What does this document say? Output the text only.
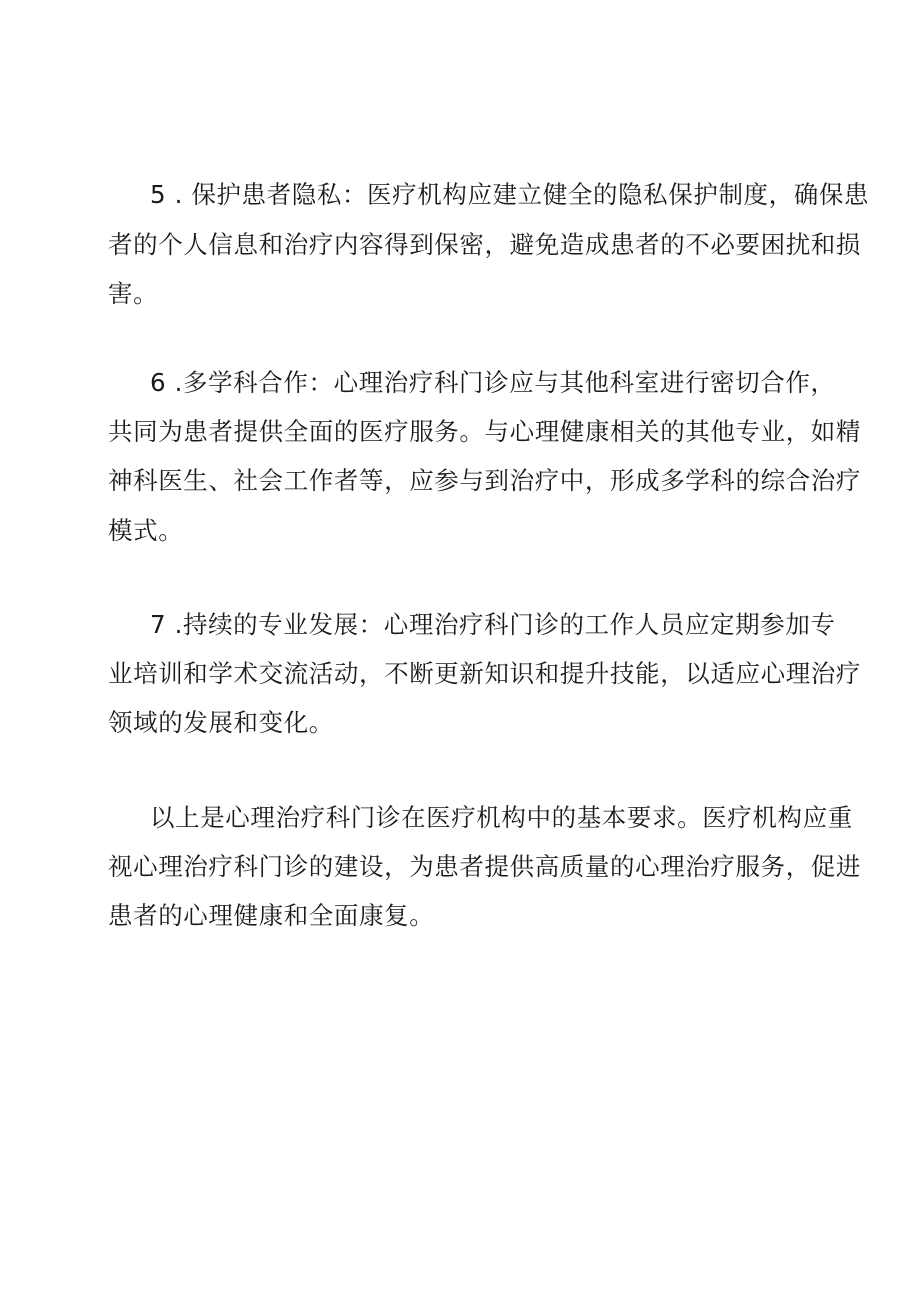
5 . 保护患者隐私：医疗机构应建立健全的隐私保护制度，确保患
者的个人信息和治疗内容得到保密，避免造成患者的不必要困扰和损
害。
6 .多学科合作：心理治疗科门诊应与其他科室进行密切合作，
共同为患者提供全面的医疗服务。与心理健康相关的其他专业，如精
神科医生、社会工作者等，应参与到治疗中，形成多学科的综合治疗
模式。
7 .持续的专业发展：心理治疗科门诊的工作人员应定期参加专
业培训和学术交流活动，不断更新知识和提升技能，以适应心理治疗
领域的发展和变化。
以上是心理治疗科门诊在医疗机构中的基本要求。医疗机构应重
视心理治疗科门诊的建设，为患者提供高质量的心理治疗服务，促进
患者的心理健康和全面康复。
